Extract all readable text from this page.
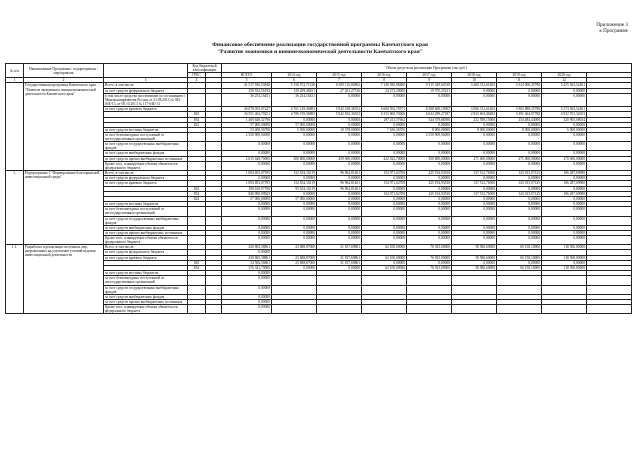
Приложение 3
к Программе
Финансовое обеспечение реализации государственной программы Камчатского края
"Развитие экономики и внешнеэкономической деятельности Камчатского края"
№ п/п	Наименование Программы / подпрограммы / мероприятия		Код бюджетной классификации		Объем средств на реализацию Программы (тыс.руб.)								
			ГРБС		ВСЕГО	2014 год	2015 год	2016 год	2017 год	2018 год	2019 год	2020 год	
1	2	3	4		5	6	7	8	9	10	11	12	
	Государственная программа Камчатского края "Развитие экономики и внешнеэкономической деятельности Камчатского края"	Всего, в том числе:			41 517 916,53848	5 156 572,71336	6 659 116,84862	7 146 930,98480	9 315 349,64538	3 460 312,61482	4 324 006,35788	5 455 563,52461	
		за счет средств федерального бюджета			250 552,56192	139 209,48451	27 261,27516	24 272,20000	19 970,25231	0,00000	0,00000	0,00000	
		в том числе средства поступившие по соглашению с Минэкономразвития России от 21.08.2013 № 045-04Б-13, от 08.10.2013 № 117-04Б-13			36 254,16451	36 254,16451	0,00000	0,00000	0,00000	0,00000	0,00000	0,00000	
		за счет средств краевого бюджета			36 078 055,07247	4 761 129,36883	5 942 168,36552	6 680 592,75971	8 388 669,19007	3 086 312,61482	3 965 888,35788	5 273 563,52461	
			843		34 551 404,79251	4 786 159,36883	5 942 182,36552	6 333 060,74066	6 044 289,27187	2 833 604,46482	3 491 464,07780	4 932 701,32653	
			854		1 469 648,32796	0,00000	0,00000	297 211,57662	344 379,88390	252 598,15000	254 484,44008	320 903,08034	
			822		57 000,00000	57 000,00000	0,00000	0,00000	0,00000	0,00000	0,00000	0,00000	
		за счет средств местных бюджетов			53 400,56700	5 050,00000	10 378,00000	7 636,36700	8 000,00000	8 000,00000	8 000,00000	6 000,00000	
		за счет безвозмездных поступлений от негосударственных организаций			2 550 909,94000	0,00000	0,00000	0,00000	2 550 909,94000	0,00000	0,00000	0,00000	
		за счет средств государственных внебюджетных фондов			0,00000	0,00000	0,00000	0,00000	0,00000	0,00000	0,00000	0,00000	
		за счет средств внебюджетных фондов			0,00000	0,00000	0,00000	0,00000	0,00000	0,00000	0,00000	0,00000	
		за счет средств прочих внебюджетных источников			2 615 648,70000	300 800,00000	459 000,00000	422 022,70000	350 800,00000	271 000,00000	271 000,00000	270 000,00000	
		Кроме того, планируемые объемы обязательств федерального бюджета			0,00000	0,00000	0,00000	0,00000	0,00000	0,00000	0,00000	0,00000	
1.	Подпрограмма 1 "Формирование благоприятной инвестиционной среды"	Всего, в том числе:			1 094 693,07595	152 654,16119	96 964,81461	154 971,62708	225 194,93530	137 512,76500	143 013,07125	186 287,69980	
		за счет средств федерального бюджета			0,00000	0,00000	0,00000	0,00000	0,00000	0,00000	0,00000	0,00000	
		за счет средств краевого бюджета			1 094 693,07595	152 654,16119	96 964,81461	154 971,62708	225 194,93530	137 512,76500	143 013,07125	186 287,69980	
			843		190 618,97780	95 654,16119	96 964,81461	0,00000	0,00000	0,00000	0,00000	0,00000	
			854		846 990,09925	0,00000	0,00000	154 971,62708	225 194,93530	137 512,76500	143 013,07125	186 287,69980	
			822		57 000,00000	57 000,00000	0,00000	0,00000	0,00000	0,00000	0,00000	0,00000	
		за счет средств местных бюджетов			0,00000	0,00000	0,00000	0,00000	0,00000	0,00000	0,00000	0,00000	
		за счет безвозмездных поступлений от негосударственных организаций			0,00000	0,00000	0,00000	0,00000	0,00000	0,00000	0,00000	0,00000	
		за счет средств государственных внебюджетных фондов			0,00000	0,00000	0,00000	0,00000	0,00000	0,00000	0,00000	0,00000	
		за счет средств внебюджетных фондов			0,00000	0,00000	0,00000	0,00000	0,00000	0,00000	0,00000	0,00000	
		за счет средств прочих внебюджетных источников			0,00000	0,00000	0,00000	0,00000	0,00000	0,00000	0,00000	0,00000	
		Кроме того, планируемые объемы обязательств федерального бюджета			0,00000	0,00000	0,00000	0,00000	0,00000	0,00000	0,00000	0,00000	
1.1.	Разработка и реализация системных мер, направленных на улучшение условий ведения инвестиционной деятельности	Всего, в том числе:			430 865,38861	23 688,87000	31 817,69861	62 100,00000	76 925,00000	58 586,60000	60 150,10000	118 500,00000	
		за счет средств федерального бюджета			0,00000								
		за счет средств краевого бюджета			430 865,38861	23 688,87000	31 817,69861	62 100,00000	76 925,00000	58 586,60000	60 150,10000	118 500,00000	
			843		54 506,56861	23 688,87000	31 817,69861	0,00000	0,00000	0,00000	0,00000	0,00000	
			854		376 341,70000	0,00000	0,00000	62 100,00000	76 925,00000	58 586,60000	60 150,10000	118 500,00000	
		за счет средств местных бюджетов			0,00000								
		за счет безвозмездных поступлений от негосударственных организаций			0,00000								
		за счет средств государственных внебюджетных фондов			0,00000								
		за счет средств внебюджетных фондов			0,00000								
		за счет средств прочих внебюджетных источников			0,00000								
		Кроме того, планируемые объемы обязательств федерального бюджета			0,00000								
